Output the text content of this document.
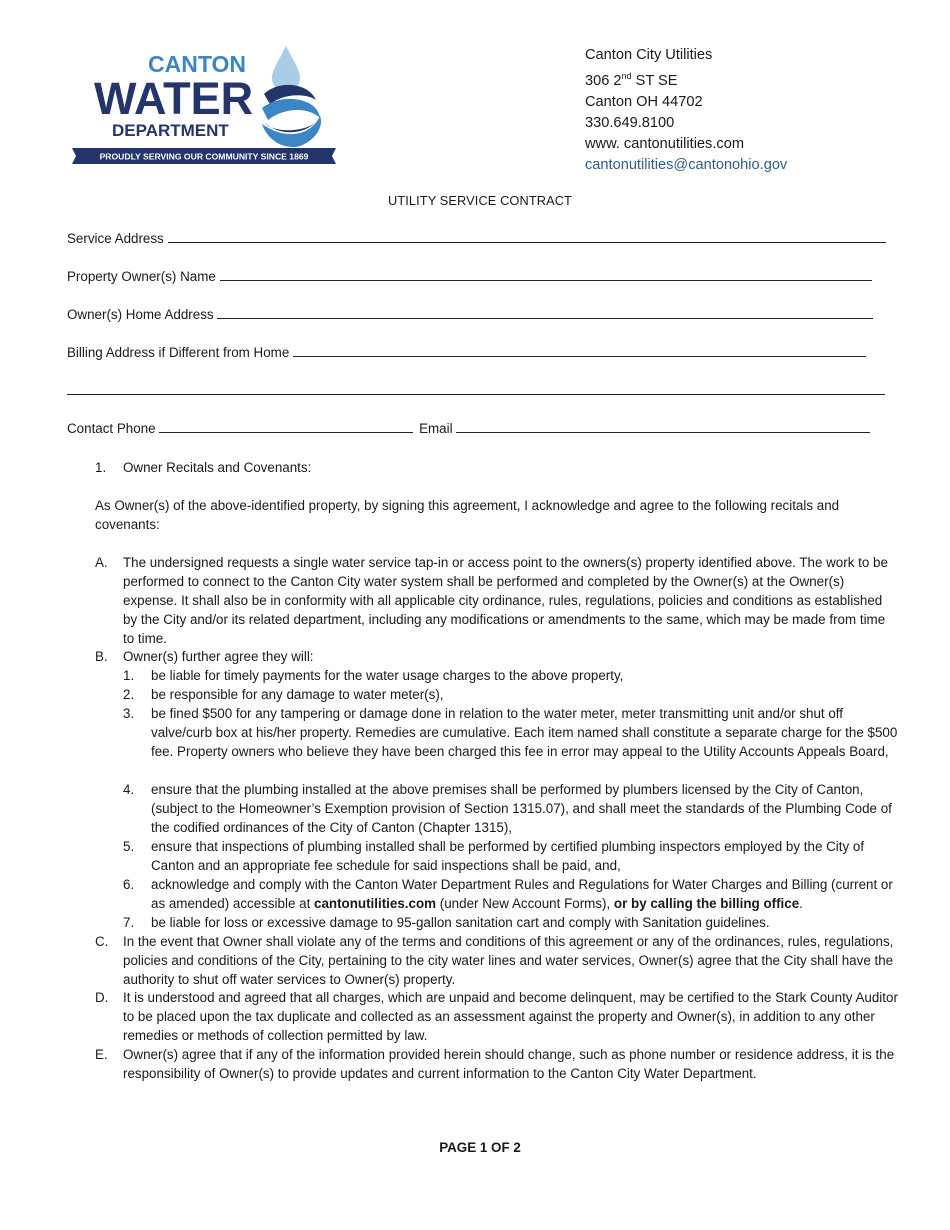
CANTON
WATER
DEPARTMENT
PROUDLY SERVING OUR COMMUNITY SINCE 1869
Canton City Utilities
306 2nd ST SE
Canton OH 44702
330.649.8100
www. cantonutilities.com
cantonutilities@cantonohio.gov
UTILITY SERVICE CONTRACT
Service Address
Property Owner(s) Name
Owner(s) Home Address
Billing Address if Different from Home
Contact Phone	Email
1. Owner Recitals and Covenants:
As Owner(s) of the above-identified property, by signing this agreement, I acknowledge and agree to the following recitals and covenants:
A. The undersigned requests a single water service tap-in or access point to the owners(s) property identified above. The work to be performed to connect to the Canton City water system shall be performed and completed by the Owner(s) at the Owner(s) expense. It shall also be in conformity with all applicable city ordinance, rules, regulations, policies and conditions as established by the City and/or its related department, including any modifications or amendments to the same, which may be made from time to time.
B. Owner(s) further agree they will:
1. be liable for timely payments for the water usage charges to the above property,
2. be responsible for any damage to water meter(s),
3. be fined $500 for any tampering or damage done in relation to the water meter, meter transmitting unit and/or shut off valve/curb box at his/her property. Remedies are cumulative. Each item named shall constitute a separate charge for the $500 fee. Property owners who believe they have been charged this fee in error may appeal to the Utility Accounts Appeals Board,
4. ensure that the plumbing installed at the above premises shall be performed by plumbers licensed by the City of Canton, (subject to the Homeowner’s Exemption provision of Section 1315.07), and shall meet the standards of the Plumbing Code of the codified ordinances of the City of Canton (Chapter 1315),
5. ensure that inspections of plumbing installed shall be performed by certified plumbing inspectors employed by the City of Canton and an appropriate fee schedule for said inspections shall be paid, and,
6. acknowledge and comply with the Canton Water Department Rules and Regulations for Water Charges and Billing (current or as amended) accessible at cantonutilities.com (under New Account Forms), or by calling the billing office.
7. be liable for loss or excessive damage to 95-gallon sanitation cart and comply with Sanitation guidelines.
C. In the event that Owner shall violate any of the terms and conditions of this agreement or any of the ordinances, rules, regulations, policies and conditions of the City, pertaining to the city water lines and water services, Owner(s) agree that the City shall have the authority to shut off water services to Owner(s) property.
D. It is understood and agreed that all charges, which are unpaid and become delinquent, may be certified to the Stark County Auditor to be placed upon the tax duplicate and collected as an assessment against the property and Owner(s), in addition to any other remedies or methods of collection permitted by law.
E. Owner(s) agree that if any of the information provided herein should change, such as phone number or residence address, it is the responsibility of Owner(s) to provide updates and current information to the Canton City Water Department.
PAGE 1 OF 2
